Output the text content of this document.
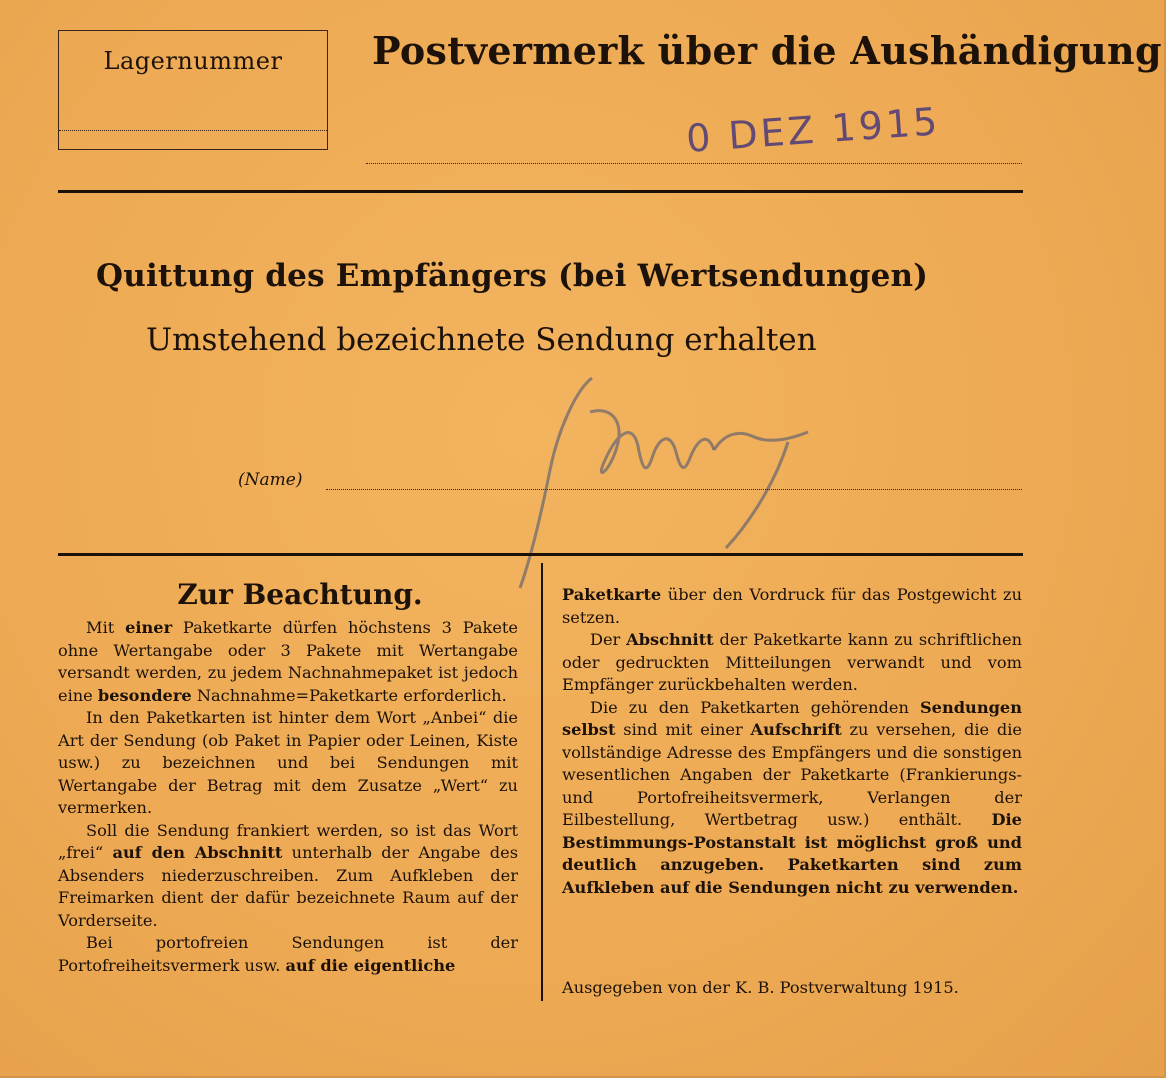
Lagernummer	Postvermerk über die Aushändigung
0 DEZ 1915
Quittung des Empfängers (bei Wertsendungen)
Umstehend bezeichnete Sendung erhalten
(Name)
Zur Beachtung.

Mit einer Paketkarte dürfen höchstens 3 Pakete ohne Wertangabe oder 3 Pakete mit Wertangabe versandt werden, zu jedem Nachnahmepaket ist jedoch eine besondere Nachnahme=Paketkarte erforderlich.

In den Paketkarten ist hinter dem Wort „Anbei“ die Art der Sendung (ob Paket in Papier oder Leinen, Kiste usw.) zu bezeichnen und bei Sendungen mit Wertangabe der Betrag mit dem Zusatze „Wert“ zu vermerken.

Soll die Sendung frankiert werden, so ist das Wort „frei“ auf den Abschnitt unterhalb der Angabe des Absenders niederzuschreiben. Zum Aufkleben der Freimarken dient der dafür bezeichnete Raum auf der Vorderseite.

Bei portofreien Sendungen ist der Portofreiheitsvermerk usw. auf die eigentliche

Paketkarte über den Vordruck für das Postgewicht zu setzen.

Der Abschnitt der Paketkarte kann zu schriftlichen oder gedruckten Mitteilungen verwandt und vom Empfänger zurückbehalten werden.

Die zu den Paketkarten gehörenden Sendungen selbst sind mit einer Aufschrift zu versehen, die die vollständige Adresse des Empfängers und die sonstigen wesentlichen Angaben der Paketkarte (Frankierungs- und Portofreiheitsvermerk, Verlangen der Eilbestellung, Wertbetrag usw.) enthält. Die Bestimmungs-Postanstalt ist möglichst groß und deutlich anzugeben. Paketkarten sind zum Aufkleben auf die Sendungen nicht zu verwenden.

Ausgegeben von der K. B. Postverwaltung 1915.
